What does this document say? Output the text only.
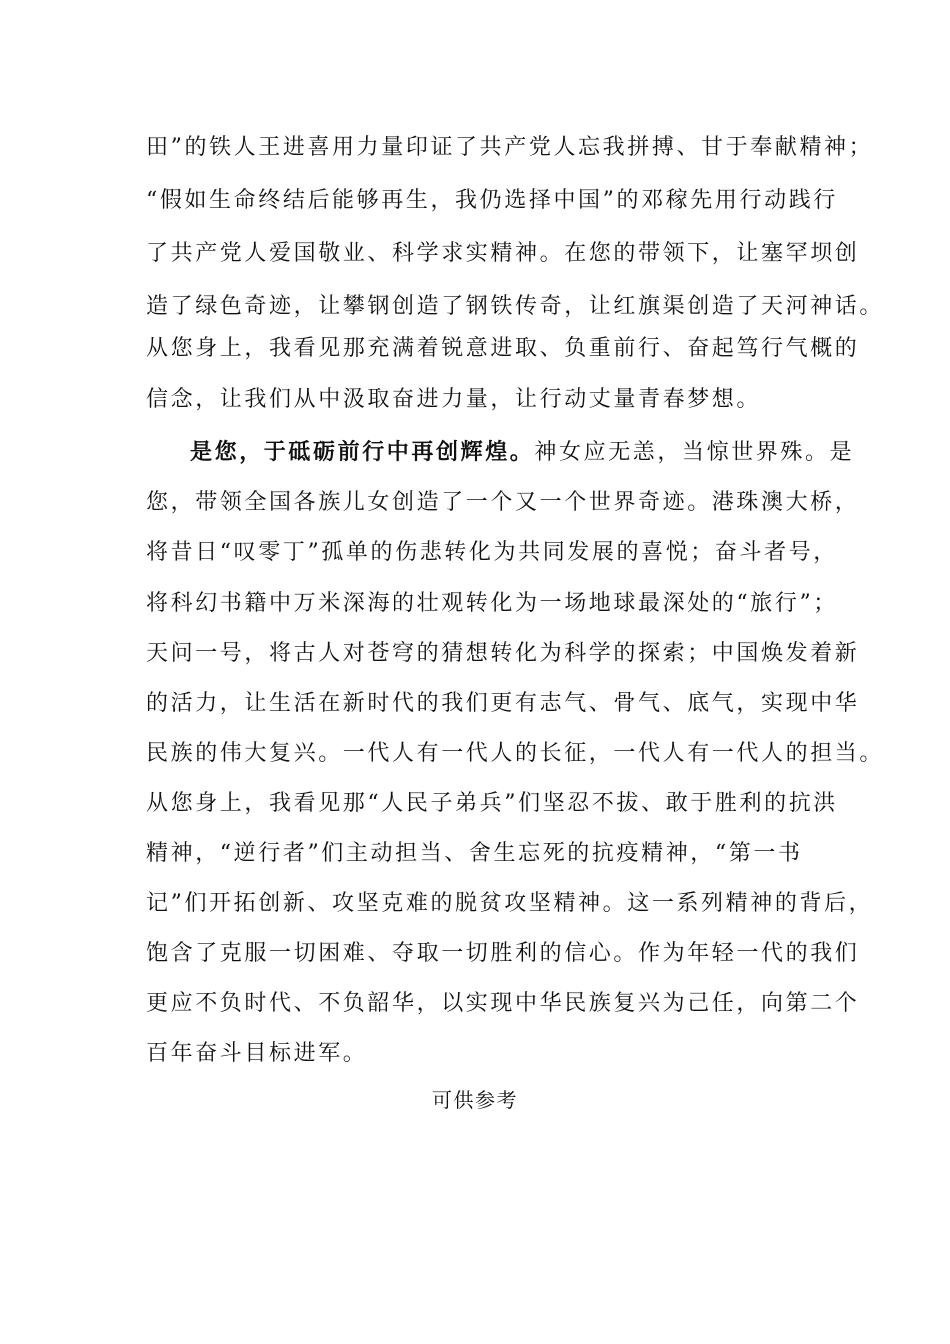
田”的铁人王进喜用力量印证了共产党人忘我拼搏、甘于奉献精神；
“假如生命终结后能够再生，我仍选择中国”的邓稼先用行动践行
了共产党人爱国敬业、科学求实精神。在您的带领下，让塞罕坝创
造了绿色奇迹，让攀钢创造了钢铁传奇，让红旗渠创造了天河神话。
从您身上，我看见那充满着锐意进取、负重前行、奋起笃行气概的
信念，让我们从中汲取奋进力量，让行动丈量青春梦想。
是您，于砥砺前行中再创辉煌。神女应无恙，当惊世界殊。是
您，带领全国各族儿女创造了一个又一个世界奇迹。港珠澳大桥，
将昔日“叹零丁”孤单的伤悲转化为共同发展的喜悦；奋斗者号，
将科幻书籍中万米深海的壮观转化为一场地球最深处的“旅行”；
天问一号，将古人对苍穹的猜想转化为科学的探索；中国焕发着新
的活力，让生活在新时代的我们更有志气、骨气、底气，实现中华
民族的伟大复兴。一代人有一代人的长征，一代人有一代人的担当。
从您身上，我看见那“人民子弟兵”们坚忍不拔、敢于胜利的抗洪
精神，“逆行者”们主动担当、舍生忘死的抗疫精神，“第一书
记”们开拓创新、攻坚克难的脱贫攻坚精神。这一系列精神的背后，
饱含了克服一切困难、夺取一切胜利的信心。作为年轻一代的我们
更应不负时代、不负韶华，以实现中华民族复兴为己任，向第二个
百年奋斗目标进军。
可供参考
